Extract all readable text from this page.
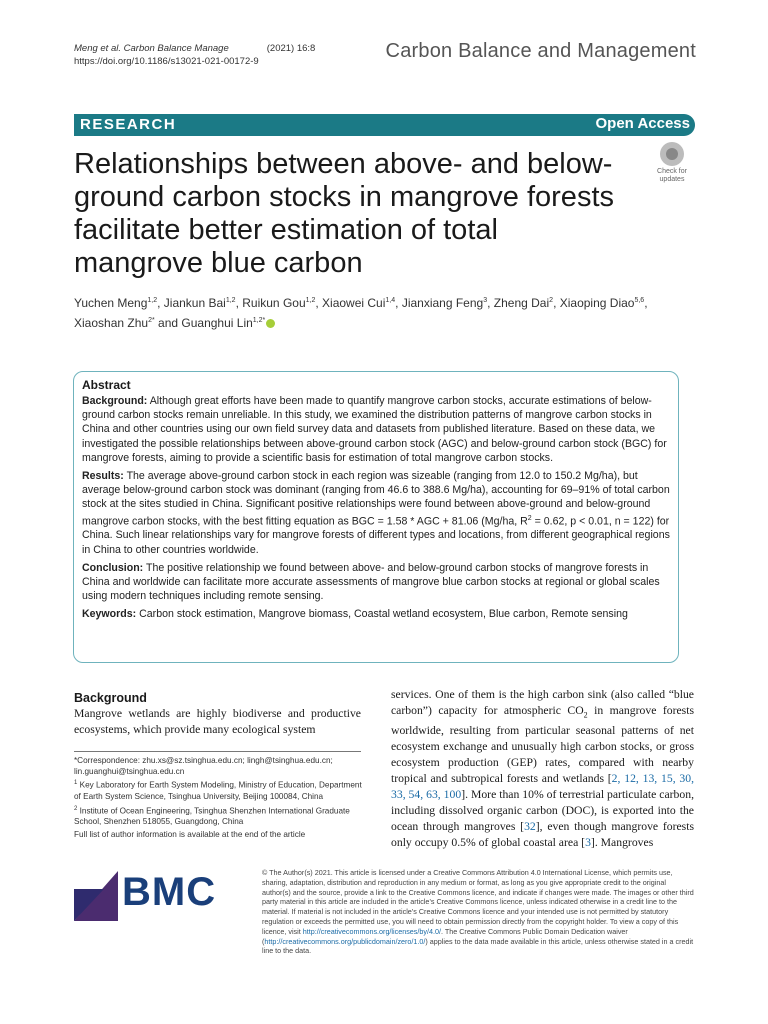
Meng et al. Carbon Balance Manage	(2021) 16:8
https://doi.org/10.1186/s13021-021-00172-9	Carbon Balance and Management
RESEARCH	Open Access
Check for
updates
Relationships between above- and below-ground carbon stocks in mangrove forests facilitate better estimation of total mangrove blue carbon
Yuchen Meng$^{1,2}$, Jiankun Bai$^{1,2}$, Ruikun Gou$^{1,2}$, Xiaowei Cui$^{1,4}$, Jianxiang Feng$^3$, Zheng Dai$^2$, Xiaoping Diao$^{5,6}$,
Xiaoshan Zhu$^{2*}$ and Guanghui Lin$^{1,2*}$
Abstract

Background: Although great efforts have been made to quantify mangrove carbon stocks, accurate estimations of below-ground carbon stocks remain unreliable. In this study, we examined the distribution patterns of mangrove carbon stocks in China and other countries using our own field survey data and datasets from published literature. Based on these data, we investigated the possible relationships between above-ground carbon stock (AGC) and below-ground carbon stock (BGC) for mangrove forests, aiming to provide a scientific basis for estimation of total mangrove carbon stocks.

Results: The average above-ground carbon stock in each region was sizeable (ranging from 12.0 to 150.2 Mg/ha), but average below-ground carbon stock was dominant (ranging from 46.6 to 388.6 Mg/ha), accounting for 69–91% of total carbon stock at the sites studied in China. Significant positive relationships were found between above-ground and below-ground mangrove carbon stocks, with the best fitting equation as BGC = 1.58 * AGC + 81.06 (Mg/ha, $R^2 = 0.62$, p < 0.01, n = 122) for China. Such linear relationships vary for mangrove forests of different types and locations, from different geographical regions in China to other countries worldwide.

Conclusion: The positive relationship we found between above- and below-ground carbon stocks of mangrove forests in China and worldwide can facilitate more accurate assessments of mangrove blue carbon stocks at regional or global scales using modern techniques including remote sensing.

Keywords: Carbon stock estimation, Mangrove biomass, Coastal wetland ecosystem, Blue carbon, Remote sensing

Background

Mangrove wetlands are highly biodiverse and productive ecosystems, which provide many ecological system

*Correspondence: zhu.xs@sz.tsinghua.edu.cn; lingh@tsinghua.edu.cn; lin.guanghui@tsinghua.edu.cn

$^1$ Key Laboratory for Earth System Modeling, Ministry of Education, Department of Earth System Science, Tsinghua University, Beijing 100084, China

$^2$ Institute of Ocean Engineering, Tsinghua Shenzhen International Graduate School, Shenzhen 518055, Guangdong, China

Full list of author information is available at the end of the article

services. One of them is the high carbon sink (also called “blue carbon”) capacity for atmospheric $CO_2$ in mangrove forests worldwide, resulting from particular seasonal patterns of net ecosystem exchange and unusually high carbon stocks, or gross ecosystem production (GEP) rates, compared with nearby tropical and subtropical forests and wetlands [2, 12, 13, 15, 30, 33, 54, 63, 100]. More than 10% of terrestrial particulate carbon, including dissolved organic carbon (DOC), is exported into the ocean through mangroves [32], even though mangrove forests only occupy 0.5% of global coastal area [3]. Mangroves

BMC	© The Author(s) 2021. This article is licensed under a Creative Commons Attribution 4.0 International License, which permits use, sharing, adaptation, distribution and reproduction in any medium or format, as long as you give appropriate credit to the original author(s) and the source, provide a link to the Creative Commons licence, and indicate if changes were made. The images or other third party material in this article are included in the article’s Creative Commons licence, unless indicated otherwise in a credit line to the material. If material is not included in the article’s Creative Commons licence and your intended use is not permitted by statutory regulation or exceeds the permitted use, you will need to obtain permission directly from the copyright holder. To view a copy of this licence, visit http://creativecommons.org/licenses/by/4.0/. The Creative Commons Public Domain Dedication waiver (http://creativecommons.org/publicdomain/zero/1.0/) applies to the data made available in this article, unless otherwise stated in a credit line to the data.
